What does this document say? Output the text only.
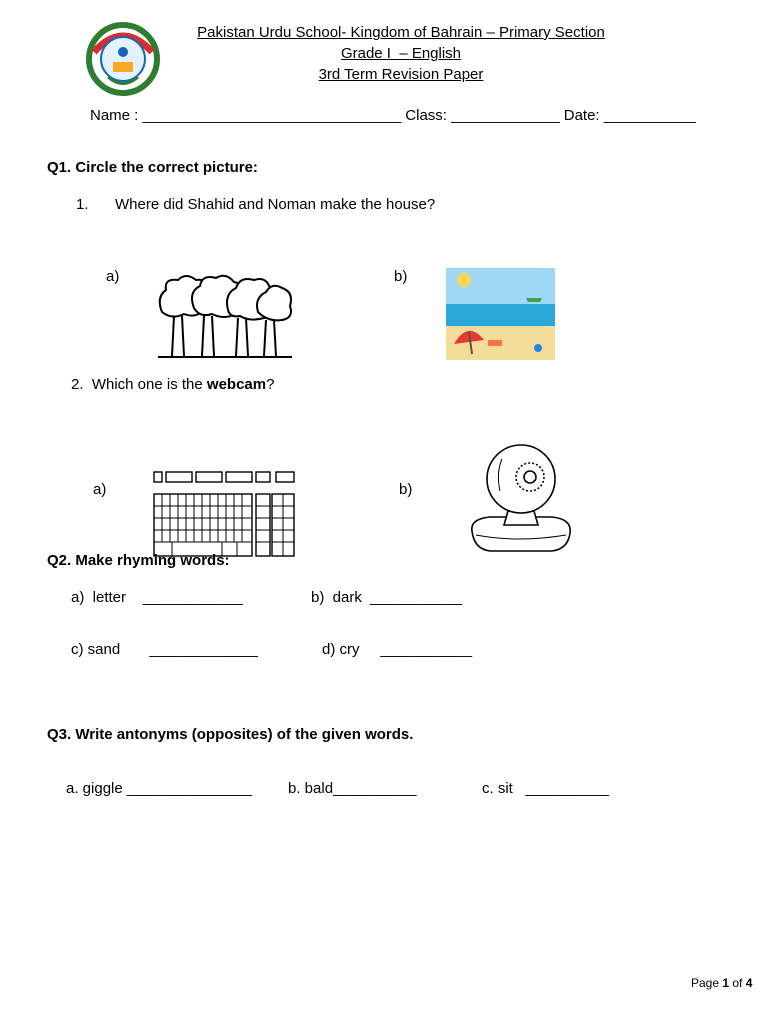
Pakistan Urdu School- Kingdom of Bahrain – Primary Section
Grade I  – English
3rd Term Revision Paper
Name : _______________________________ Class: _____________ Date: ___________
Q1. Circle the correct picture:
1. Where did Shahid and Noman make the house?
a)	b)

2.  Which one is the webcam?
a)	b)

Q2. Make rhyming words:
a)  letter    ____________	b)  dark  ___________
c) sand       _____________	d) cry     ___________
Q3. Write antonyms (opposites) of the given words.
a. giggle _______________ b. bald__________	c. sit   __________
Page 1 of 4
